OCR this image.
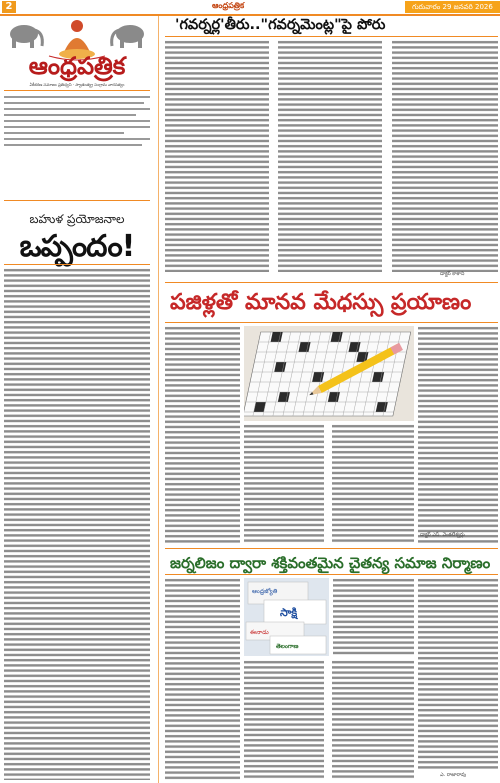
2	ఆంధ్రపత్రిక	గురువారం 29 జనవరి 2026
ఆంధ్రపత్రిక
ఏకీకరణ సమాజం ప్రతిధ్వని · స్వాతంత్య్ర సంగ్రామ వారసత్వం
బహుళ ప్రయోజనాల
ఒప్పందం!
'గవర్నర్ల'తీరు.."గవర్నమెంట్ల"పై పోరు
డాక్టర్ కాకాని
పజిళ్లతో మానవ మేధస్సు ప్రయాణం
డాక్టర్ ఎస్. వెంకటేశ్వర్లు
జర్నలిజం ద్వారా శక్తివంతమైన చైతన్య సమాజ నిర్మాణం
ఆంధ్రజ్యోతి
సాక్షి
ఈనాడు
తెలంగాణ
ఎ. రాజారావు
